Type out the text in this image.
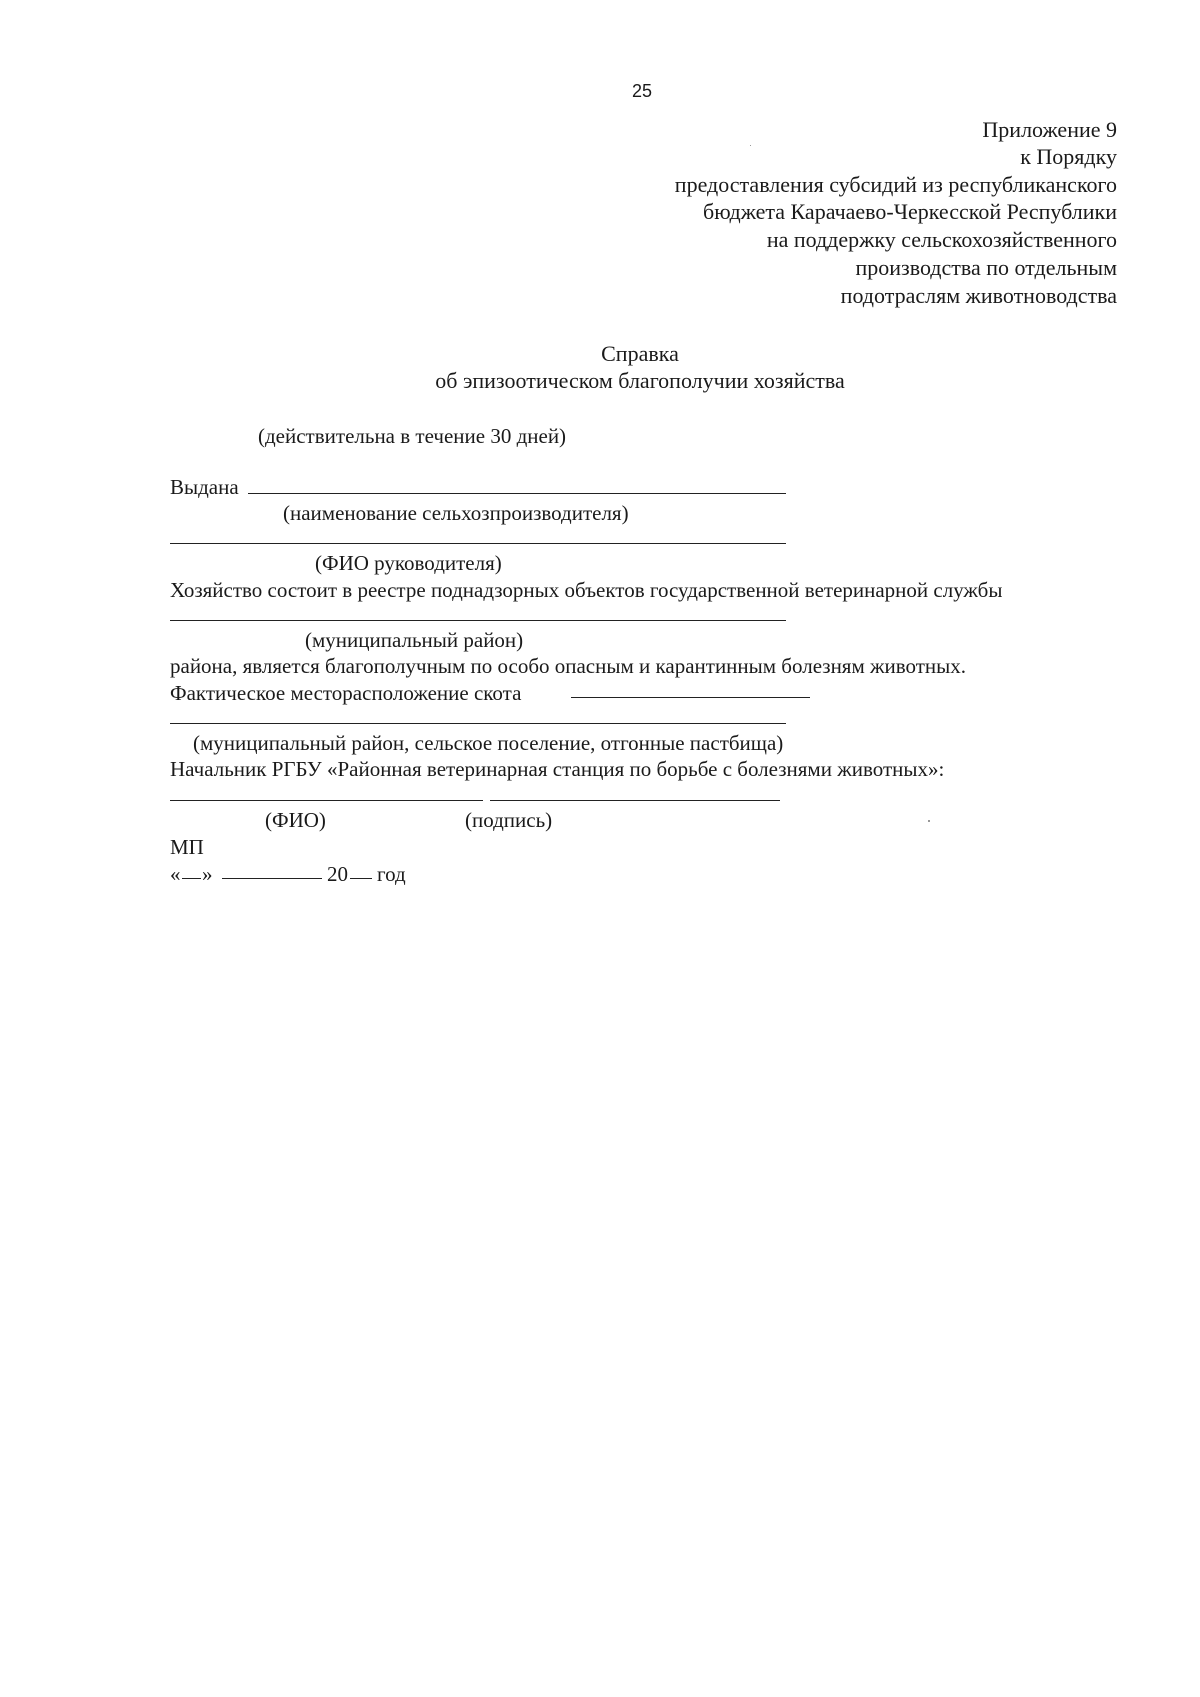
25
Приложение 9
к Порядку
предоставления субсидий из республиканского
бюджета Карачаево-Черкесской Республики
на поддержку сельскохозяйственного
производства по отдельным
подотраслям животноводства
Справка
об эпизоотическом благополучии хозяйства
(действительна в течение 30 дней)
Выдана
(наименование сельхозпроизводителя)
(ФИО руководителя)
Хозяйство состоит в реестре поднадзорных объектов государственной ветеринарной службы
(муниципальный район)
района, является благополучным по особо опасным и карантинным болезням животных.
Фактическое месторасположение скота
(муниципальный район, сельское поселение, отгонные пастбища)
Начальник РГБУ «Районная ветеринарная станция по борьбе с болезнями животных»:
(ФИО)	(подпись)
МП
« »	20 год
